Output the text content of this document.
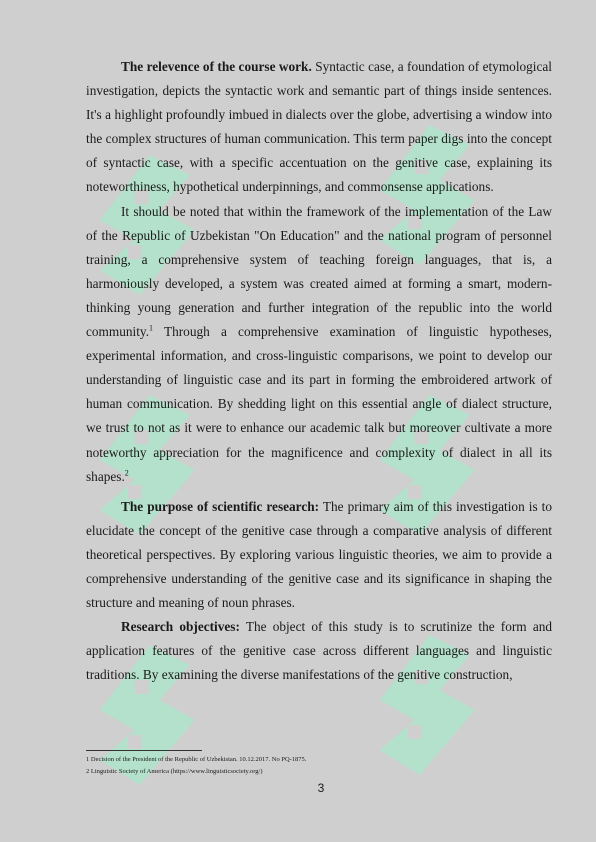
The relevence of the course work. Syntactic case, a foundation of etymological investigation, depicts the syntactic work and semantic part of things inside sentences. It's a highlight profoundly imbued in dialects over the globe, advertising a window into the complex structures of human communication. This term paper digs into the concept of syntactic case, with a specific accentuation on the genitive case, explaining its noteworthiness, hypothetical underpinnings, and commonsense applications.

It should be noted that within the framework of the implementation of the Law of the Republic of Uzbekistan "On Education" and the national program of personnel training, a comprehensive system of teaching foreign languages, that is, a harmoniously developed, a system was created aimed at forming a smart, modern-thinking young generation and further integration of the republic into the world community.$^1$ Through a comprehensive examination of linguistic hypotheses, experimental information, and cross-linguistic comparisons, we point to develop our understanding of linguistic case and its part in forming the embroidered artwork of human communication. By shedding light on this essential angle of dialect structure, we trust to not as it were to enhance our academic talk but moreover cultivate a more noteworthy appreciation for the magnificence and complexity of dialect in all its shapes.$^2$

The purpose of scientific research: The primary aim of this investigation is to elucidate the concept of the genitive case through a comparative analysis of different theoretical perspectives. By exploring various linguistic theories, we aim to provide a comprehensive understanding of the genitive case and its significance in shaping the structure and meaning of noun phrases.

Research objectives: The object of this study is to scrutinize the form and application features of the genitive case across different languages and linguistic traditions. By examining the diverse manifestations of the genitive construction,

1 Decision of the President of the Republic of Uzbekistan. 10.12.2017. No PQ-1875.
2 Linguistic Society of America (https://www.linguisticsociety.org/)
3
